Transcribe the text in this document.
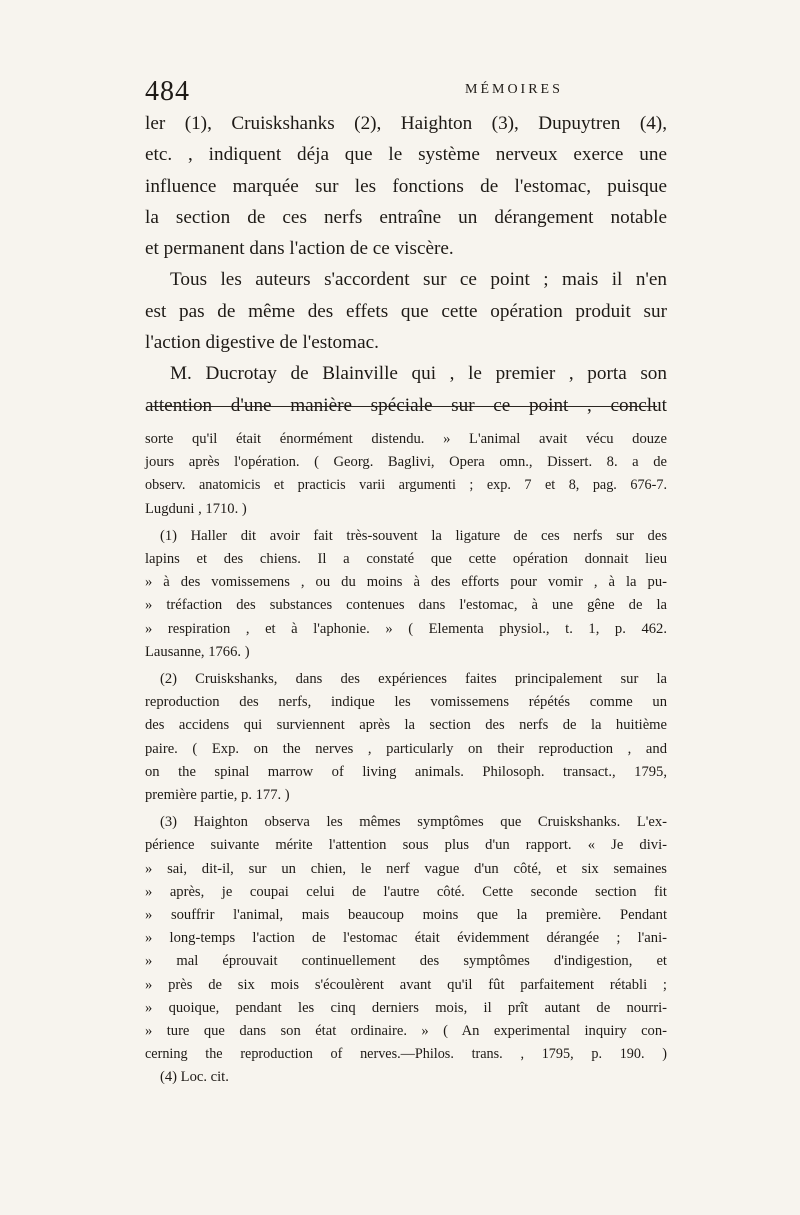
484	MÉMOIRES
ler (1), Cruiskshanks (2), Haighton (3), Dupuytren (4),
etc. , indiquent déja que le système nerveux exerce une
influence marquée sur les fonctions de l'estomac, puisque
la section de ces nerfs entraîne un dérangement notable
et permanent dans l'action de ce viscère.
Tous les auteurs s'accordent sur ce point ; mais il n'en
est pas de même des effets que cette opération produit sur
l'action digestive de l'estomac.
M. Ducrotay de Blainville qui , le premier , porta son
attention d'une manière spéciale sur ce point , conclut
sorte qu'il était énormément distendu. » L'animal avait vécu douze
jours après l'opération. ( Georg. Baglivi, Opera omn., Dissert. 8. a de
observ. anatomicis et practicis varii argumenti ; exp. 7 et 8, pag. 676-7.
Lugduni , 1710. )
(1) Haller dit avoir fait très-souvent la ligature de ces nerfs sur des
lapins et des chiens. Il a constaté que cette opération donnait lieu
» à des vomissemens , ou du moins à des efforts pour vomir , à la pu-
» tréfaction des substances contenues dans l'estomac, à une gêne de la
» respiration , et à l'aphonie. » ( Elementa physiol., t. 1, p. 462.
Lausanne, 1766. )
(2) Cruiskshanks, dans des expériences faites principalement sur la
reproduction des nerfs, indique les vomissemens répétés comme un
des accidens qui surviennent après la section des nerfs de la huitième
paire. ( Exp. on the nerves , particularly on their reproduction , and
on the spinal marrow of living animals. Philosoph. transact., 1795,
première partie, p. 177. )
(3) Haighton observa les mêmes symptômes que Cruiskshanks. L'ex-
périence suivante mérite l'attention sous plus d'un rapport. « Je divi-
» sai, dit-il, sur un chien, le nerf vague d'un côté, et six semaines
» après, je coupai celui de l'autre côté. Cette seconde section fit
» souffrir l'animal, mais beaucoup moins que la première. Pendant
» long-temps l'action de l'estomac était évidemment dérangée ; l'ani-
» mal éprouvait continuellement des symptômes d'indigestion, et
» près de six mois s'écoulèrent avant qu'il fût parfaitement rétabli ;
» quoique, pendant les cinq derniers mois, il prît autant de nourri-
» ture que dans son état ordinaire. » ( An experimental inquiry con-
cerning the reproduction of nerves.—Philos. trans. , 1795, p. 190. )
(4) Loc. cit.
